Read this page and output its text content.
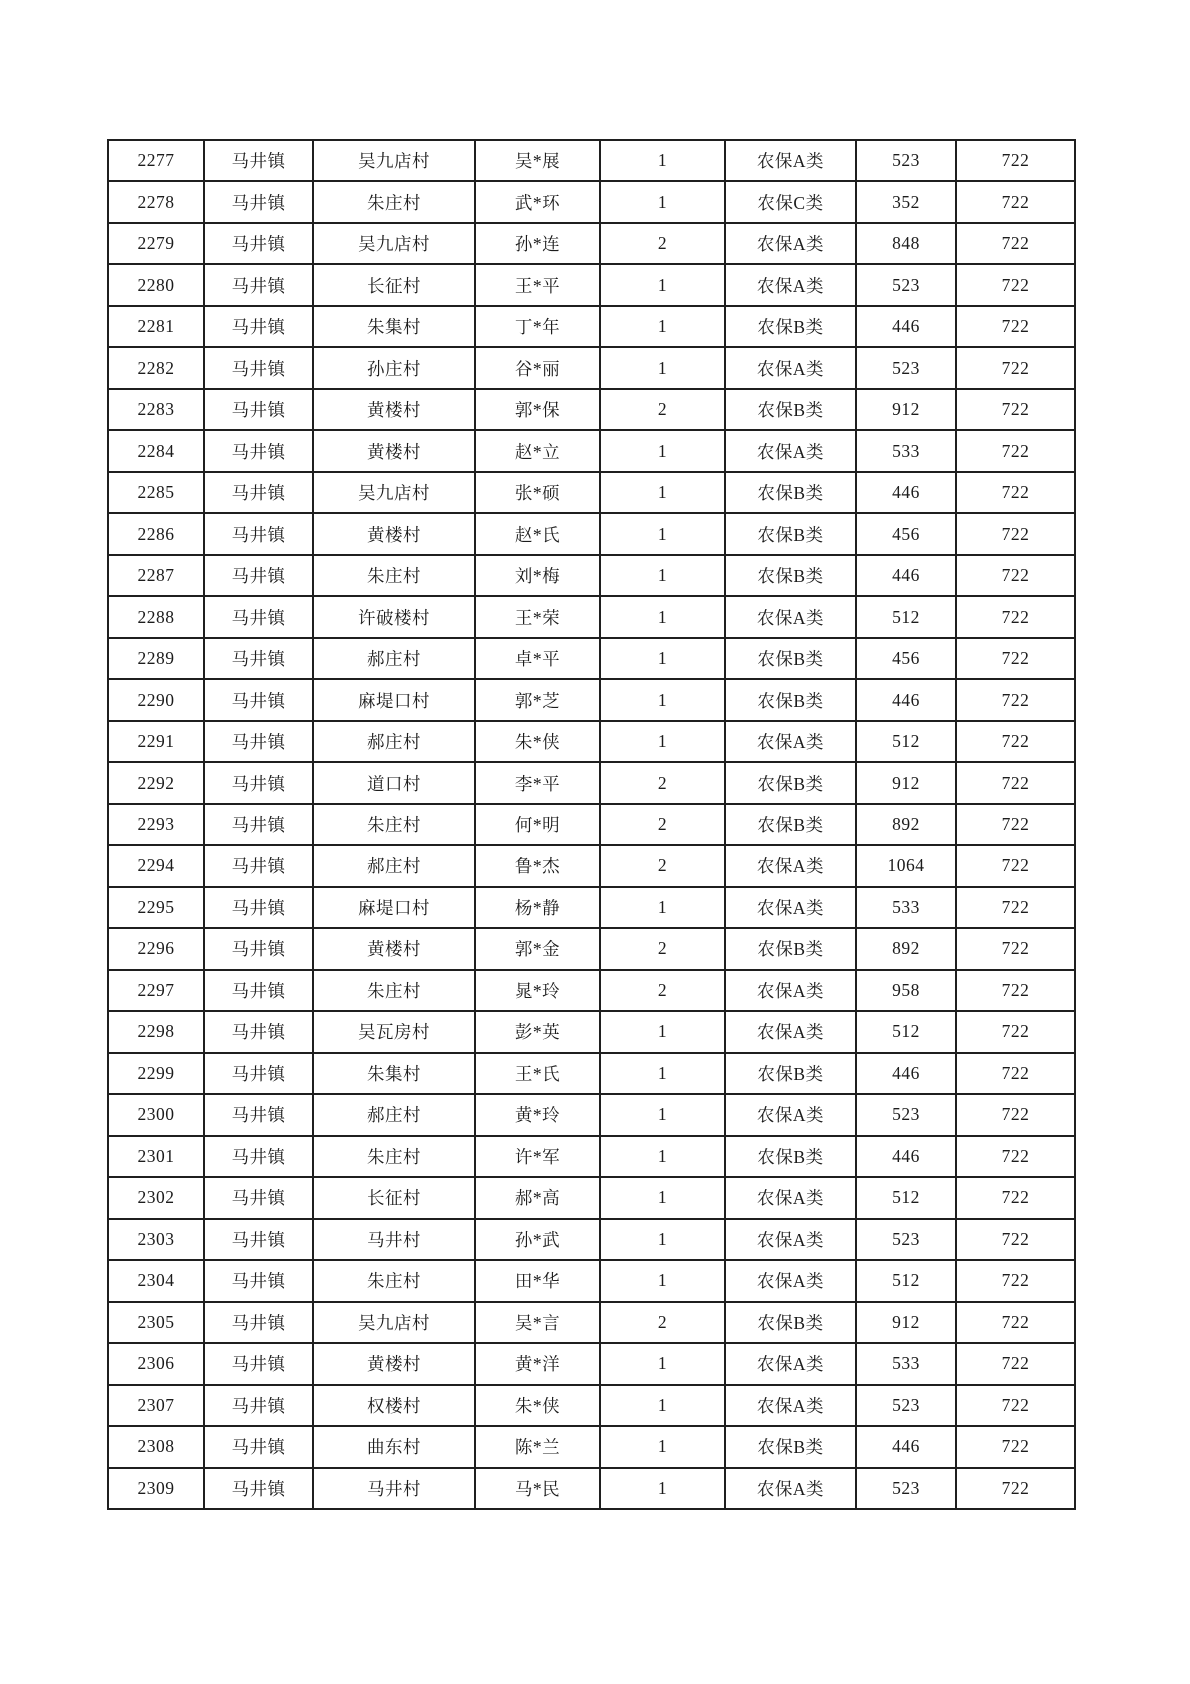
2277	马井镇	吴九店村	吴*展	1	农保A类	523	722
2278	马井镇	朱庄村	武*环	1	农保C类	352	722
2279	马井镇	吴九店村	孙*连	2	农保A类	848	722
2280	马井镇	长征村	王*平	1	农保A类	523	722
2281	马井镇	朱集村	丁*年	1	农保B类	446	722
2282	马井镇	孙庄村	谷*丽	1	农保A类	523	722
2283	马井镇	黄楼村	郭*保	2	农保B类	912	722
2284	马井镇	黄楼村	赵*立	1	农保A类	533	722
2285	马井镇	吴九店村	张*硕	1	农保B类	446	722
2286	马井镇	黄楼村	赵*氏	1	农保B类	456	722
2287	马井镇	朱庄村	刘*梅	1	农保B类	446	722
2288	马井镇	许破楼村	王*荣	1	农保A类	512	722
2289	马井镇	郝庄村	卓*平	1	农保B类	456	722
2290	马井镇	麻堤口村	郭*芝	1	农保B类	446	722
2291	马井镇	郝庄村	朱*侠	1	农保A类	512	722
2292	马井镇	道口村	李*平	2	农保B类	912	722
2293	马井镇	朱庄村	何*明	2	农保B类	892	722
2294	马井镇	郝庄村	鲁*杰	2	农保A类	1064	722
2295	马井镇	麻堤口村	杨*静	1	农保A类	533	722
2296	马井镇	黄楼村	郭*金	2	农保B类	892	722
2297	马井镇	朱庄村	晁*玲	2	农保A类	958	722
2298	马井镇	吴瓦房村	彭*英	1	农保A类	512	722
2299	马井镇	朱集村	王*氏	1	农保B类	446	722
2300	马井镇	郝庄村	黄*玲	1	农保A类	523	722
2301	马井镇	朱庄村	许*军	1	农保B类	446	722
2302	马井镇	长征村	郝*高	1	农保A类	512	722
2303	马井镇	马井村	孙*武	1	农保A类	523	722
2304	马井镇	朱庄村	田*华	1	农保A类	512	722
2305	马井镇	吴九店村	吴*言	2	农保B类	912	722
2306	马井镇	黄楼村	黄*洋	1	农保A类	533	722
2307	马井镇	权楼村	朱*侠	1	农保A类	523	722
2308	马井镇	曲东村	陈*兰	1	农保B类	446	722
2309	马井镇	马井村	马*民	1	农保A类	523	722
